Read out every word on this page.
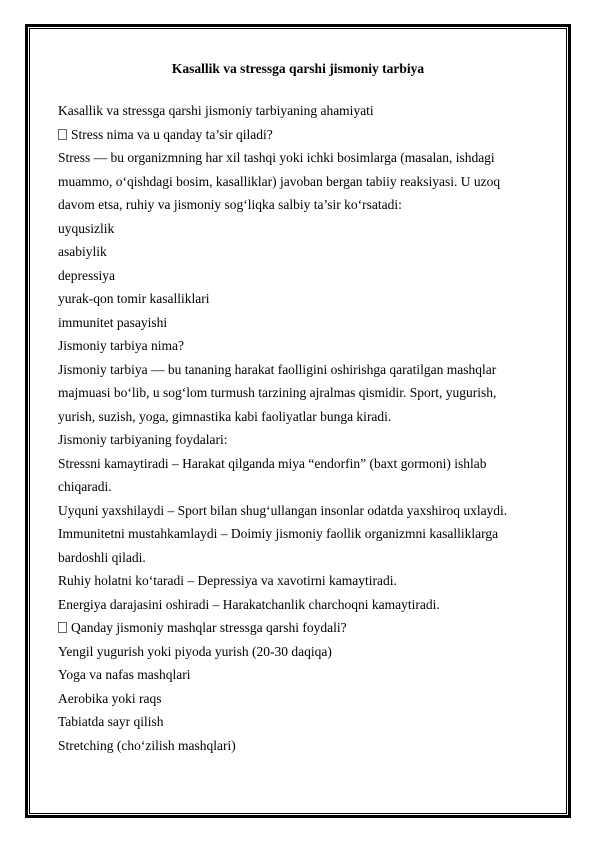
Kasallik va stressga qarshi jismoniy tarbiya
Kasallik va stressga qarshi jismoniy tarbiyaning ahamiyati
Stress nima va u qanday ta’sir qiladi?
Stress — bu organizmning har xil tashqi yoki ichki bosimlarga (masalan, ishdagi
muammo, o‘qishdagi bosim, kasalliklar) javoban bergan tabiiy reaksiyasi. U uzoq
davom etsa, ruhiy va jismoniy sog‘liqka salbiy ta’sir ko‘rsatadi:
uyqusizlik
asabiylik
depressiya
yurak-qon tomir kasalliklari
immunitet pasayishi
Jismoniy tarbiya nima?
Jismoniy tarbiya — bu tananing harakat faolligini oshirishga qaratilgan mashqlar
majmuasi bo‘lib, u sog‘lom turmush tarzining ajralmas qismidir. Sport, yugurish,
yurish, suzish, yoga, gimnastika kabi faoliyatlar bunga kiradi.
Jismoniy tarbiyaning foydalari:
Stressni kamaytiradi – Harakat qilganda miya “endorfin” (baxt gormoni) ishlab
chiqaradi.
Uyquni yaxshilaydi – Sport bilan shug‘ullangan insonlar odatda yaxshiroq uxlaydi.
Immunitetni mustahkamlaydi – Doimiy jismoniy faollik organizmni kasalliklarga
bardoshli qiladi.
Ruhiy holatni ko‘taradi – Depressiya va xavotirni kamaytiradi.
Energiya darajasini oshiradi – Harakatchanlik charchoqni kamaytiradi.
Qanday jismoniy mashqlar stressga qarshi foydali?
Yengil yugurish yoki piyoda yurish (20-30 daqiqa)
Yoga va nafas mashqlari
Aerobika yoki raqs
Tabiatda sayr qilish
Stretching (cho‘zilish mashqlari)
